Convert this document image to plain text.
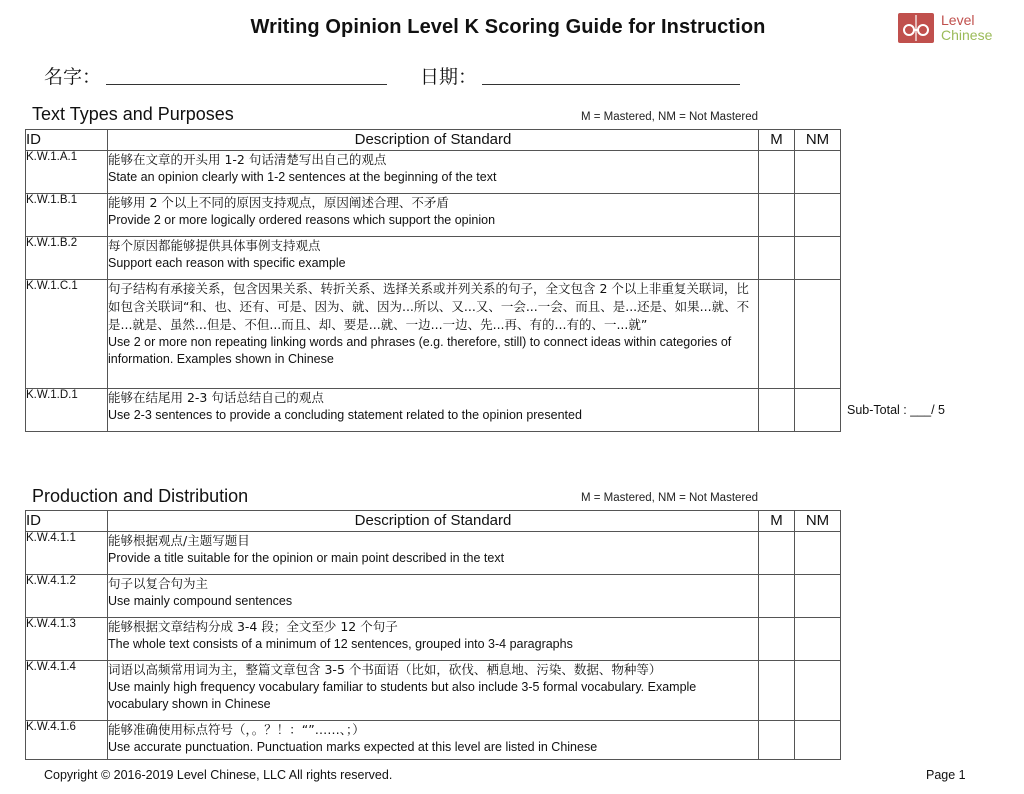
Writing Opinion Level K Scoring Guide for Instruction	Level
Chinese
名字：	日期：
Text Types and Purposes	M = Mastered, NM = Not Mastered
ID	Description of Standard	M	NM
K.W.1.A.1	能够在文章的开头用 1-2 句话清楚写出自己的观点
State an opinion clearly with 1-2 sentences at the beginning of the text		

K.W.1.B.1	能够用 2 个以上不同的原因支持观点，原因阐述合理、不矛盾
Provide 2 or more logically ordered reasons which support the opinion		

K.W.1.B.2	每个原因都能够提供具体事例支持观点
Support each reason with specific example		

K.W.1.C.1	句子结构有承接关系，包含因果关系、转折关系、选择关系或并列关系的句子，全文包含 2 个以上非重复关联词，比如包含关联词“和、也、还有、可是、因为、就、因为...所以、又...又、一会...一会、而且、是...还是、如果...就、不是...就是、虽然...但是、不但...而且、却、要是...就、一边...一边、先...再、有的...有的、一...就”
Use 2 or more non repeating linking words and phrases (e.g. therefore, still) to connect ideas within categories of information. Examples shown in Chinese		

K.W.1.D.1	能够在结尾用 2-3 句话总结自己的观点
Use 2-3 sentences to provide a concluding statement related to the opinion presented		
			Sub-Total : ___/ 5
Production and Distribution	M = Mastered, NM = Not Mastered
ID	Description of Standard	M	NM
K.W.4.1.1	能够根据观点/主题写题目
Provide a title suitable for the opinion or main point described in the text		

K.W.4.1.2	句子以复合句为主
Use mainly compound sentences		

K.W.4.1.3	能够根据文章结构分成 3-4 段；全文至少 12 个句子
The whole text consists of a minimum of 12 sentences, grouped into 3-4 paragraphs		

K.W.4.1.4	词语以高频常用词为主，整篇文章包含 3-5 个书面语（比如，砍伐、栖息地、污染、数据、物种等）
Use mainly high frequency vocabulary familiar to students but also include 3-5 formal vocabulary. Example vocabulary shown in Chinese		

K.W.4.1.6	能够准确使用标点符号（，。？！：“”……、；）
Use accurate punctuation. Punctuation marks expected at this level are listed in Chinese		

Copyright © 2016-2019 Level Chinese, LLC All rights reserved.	Page 1
